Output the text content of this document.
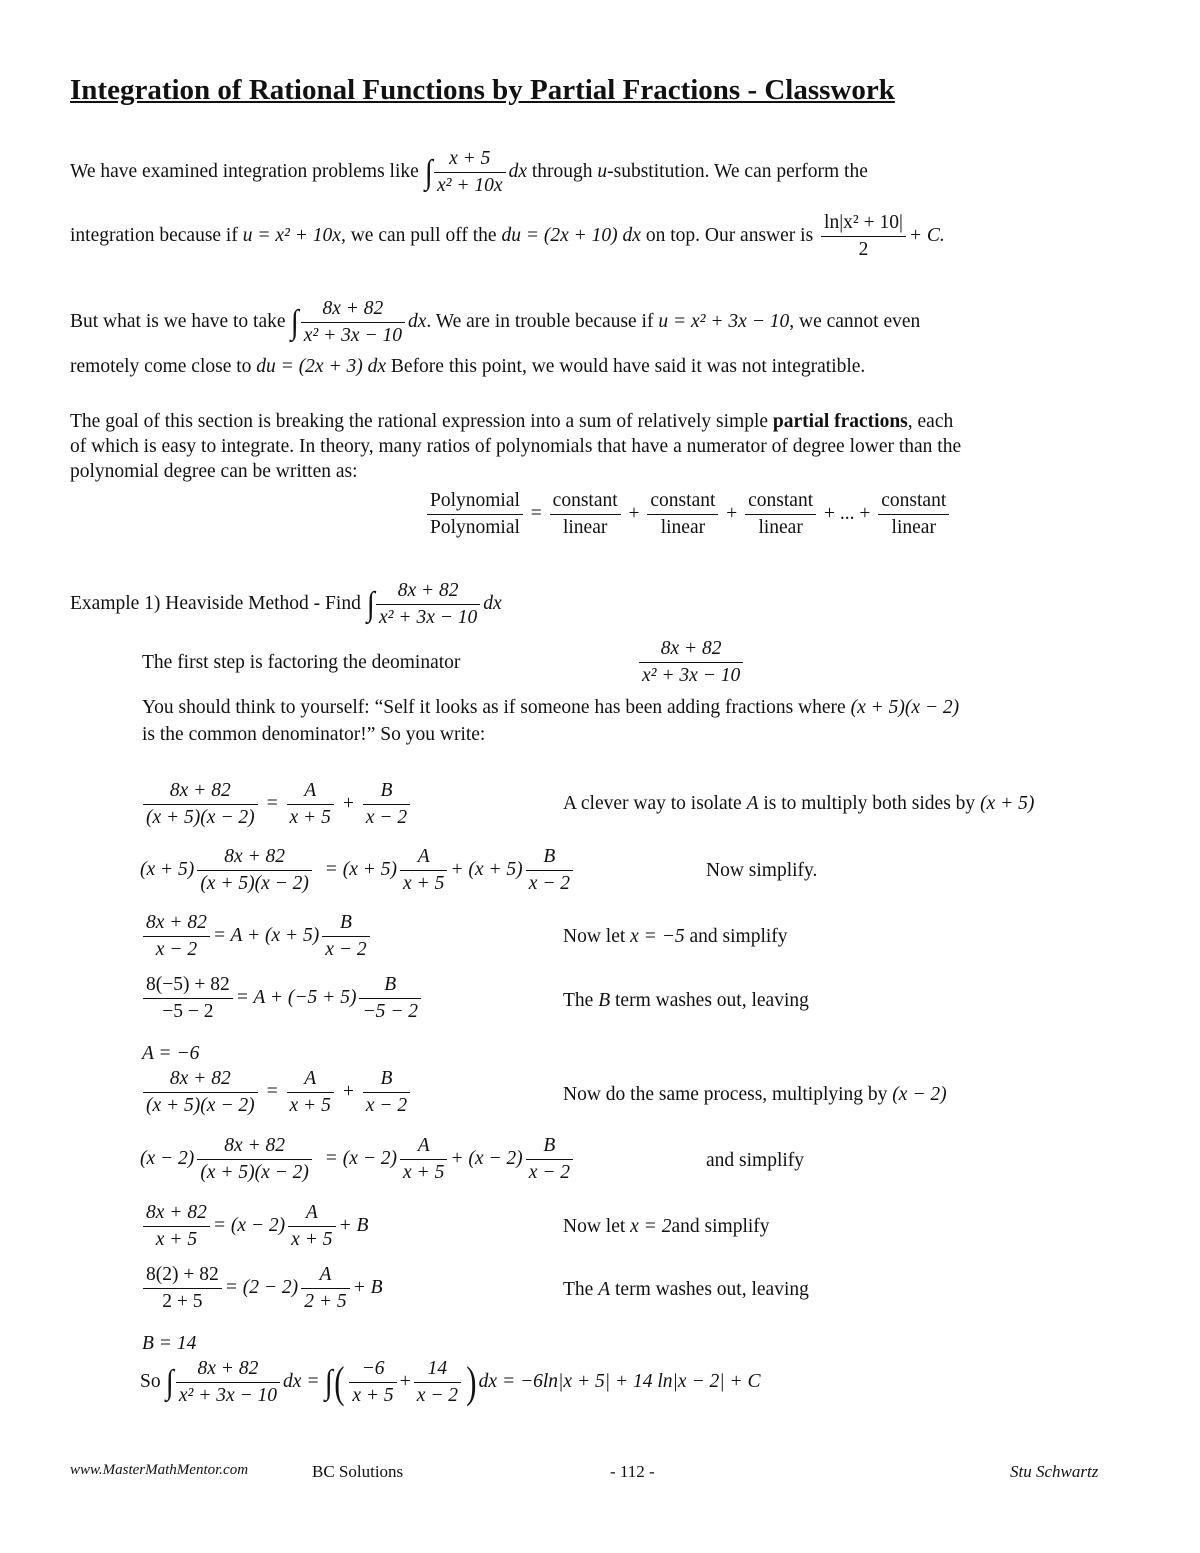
Integration of Rational Functions by Partial Fractions - Classwork
We have examined integration problems like ∫ $\frac{x + 5}{\text{x² + 10x}}$ dx through u-substitution. We can perform the
integration because if u = x² + 10x, we can pull off the du = (2x + 10) dx on top. Our answer is $\frac{\text{ln|x² + 10|}}{2} + C$.
But what is we have to take ∫ $\frac{8x + 82}{\text{x² + 3x − 10}}$ dx. We are in trouble because if u = x² + 3x − 10, we cannot even
remotely come close to du = (2x + 3) dx Before this point, we would have said it was not integratible.
The goal of this section is breaking the rational expression into a sum of relatively simple partial fractions, each
of which is easy to integrate. In theory, many ratios of polynomials that have a numerator of degree lower than the
polynomial degree can be written as:
$\frac{\text{Polynomial}}{\text{Polynomial}} = \frac{\text{constant}}{\text{linear}} + \frac{\text{constant}}{\text{linear}} + \frac{\text{constant}}{\text{linear}}$ + ... + $\frac{\text{constant}}{\text{linear}}$
Example 1) Heaviside Method - Find ∫ $\frac{8x + 82}{\text{x² + 3x − 10}}$ dx
The first step is factoring the deominator	$\frac{8x + 82}{\text{x² + 3x − 10}}$
You should think to yourself: “Self it looks as if someone has been adding fractions where (x + 5)(x − 2)
is the common denominator!” So you write:
$\frac{8x + 82}{(x + 5)(x - 2)} = \frac{A}{x + 5} + \frac{B}{x - 2}$	A clever way to isolate A is to multiply both sides by (x + 5)
$(x + 5) \frac{8x + 82}{(x + 5)(x - 2)} = (x + 5) \frac{A}{x + 5} + (x + 5) \frac{B}{x - 2}$	Now simplify.
$\frac{8x + 82}{x - 2} = A + (x + 5) \frac{B}{x - 2}$	Now let x = −5 and simplify
$\frac{8(-5) + 82}{-5 - 2} = A + (-5 + 5) \frac{B}{-5 - 2}$	The B term washes out, leaving
A = −6
$\frac{8x + 82}{(x + 5)(x - 2)} = \frac{A}{x + 5} + \frac{B}{x - 2}$	Now do the same process, multiplying by (x − 2)
$(x - 2) \frac{8x + 82}{(x + 5)(x - 2)} = (x - 2) \frac{A}{x + 5} + (x - 2) \frac{B}{x - 2}$	and simplify
$\frac{8x + 82}{x + 5} = (x - 2) \frac{A}{x + 5} + B$	Now let x = 2and simplify
$\frac{8(2) + 82}{2 + 5} = (2 - 2) \frac{A}{2 + 5} + B$	The A term washes out, leaving
B = 14
So ∫ $\frac{8x + 82}{\text{x² + 3x − 10}}$ dx = ∫( $\frac{-6}{x + 5} + \frac{14}{x - 2}$ ) dx = −6ln|x + 5| + 14 ln|x − 2| + C
www.MasterMathMentor.com	BC Solutions	- 112 -	Stu Schwartz
